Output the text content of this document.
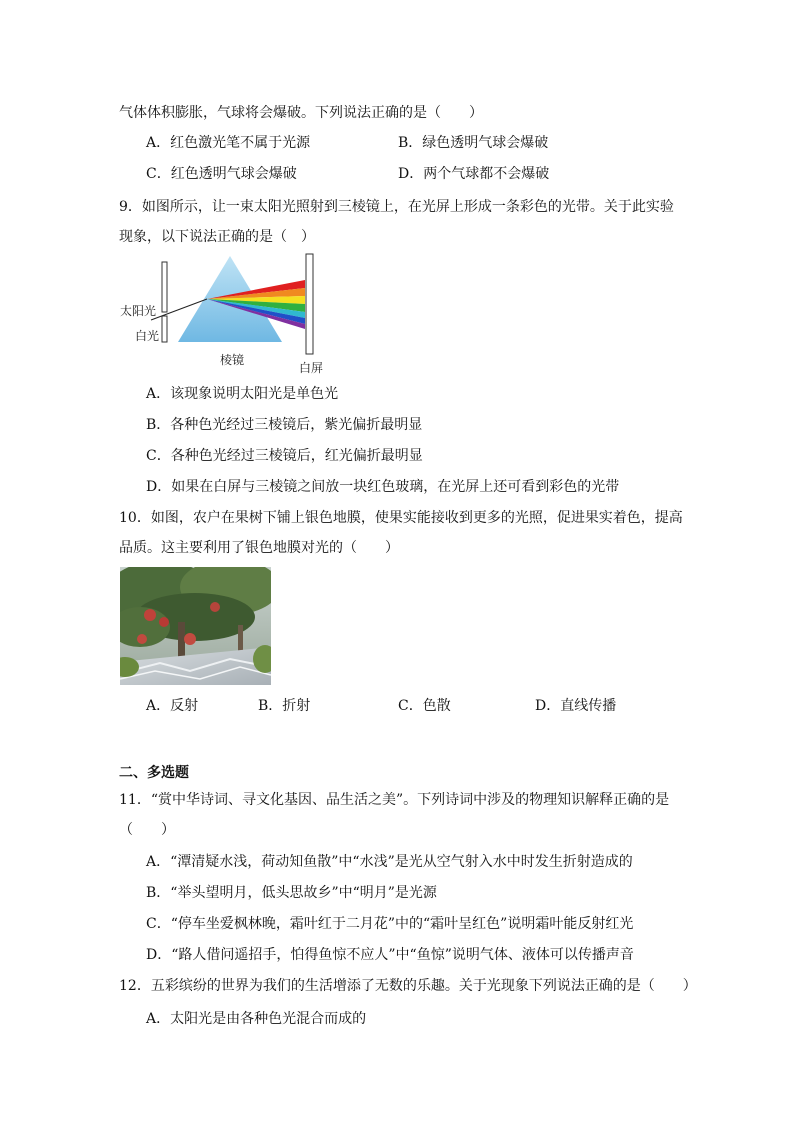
气体体积膨胀，气球将会爆破。下列说法正确的是（　　）
A．红色激光笔不属于光源	B．绿色透明气球会爆破
C．红色透明气球会爆破	D．两个气球都不会爆破
9．如图所示，让一束太阳光照射到三棱镜上，在光屏上形成一条彩色的光带。关于此实验
现象，以下说法正确的是（　）
太阳光
白光
棱镜
白屏
A．该现象说明太阳光是单色光
B．各种色光经过三棱镜后，紫光偏折最明显
C．各种色光经过三棱镜后，红光偏折最明显
D．如果在白屏与三棱镜之间放一块红色玻璃，在光屏上还可看到彩色的光带
10．如图，农户在果树下铺上银色地膜，使果实能接收到更多的光照，促进果实着色，提高
品质。这主要利用了银色地膜对光的（　　）
A．反射	B．折射	C．色散	D．直线传播
二、多选题
11．“赏中华诗词、寻文化基因、品生活之美”。下列诗词中涉及的物理知识解释正确的是
（　　）
A．“潭清疑水浅，荷动知鱼散”中“水浅”是光从空气射入水中时发生折射造成的
B．“举头望明月，低头思故乡”中“明月”是光源
C．“停车坐爱枫林晚，霜叶红于二月花”中的“霜叶呈红色”说明霜叶能反射红光
D．“路人借问遥招手，怕得鱼惊不应人”中“鱼惊”说明气体、液体可以传播声音
12．五彩缤纷的世界为我们的生活增添了无数的乐趣。关于光现象下列说法正确的是（　　）
A．太阳光是由各种色光混合而成的
